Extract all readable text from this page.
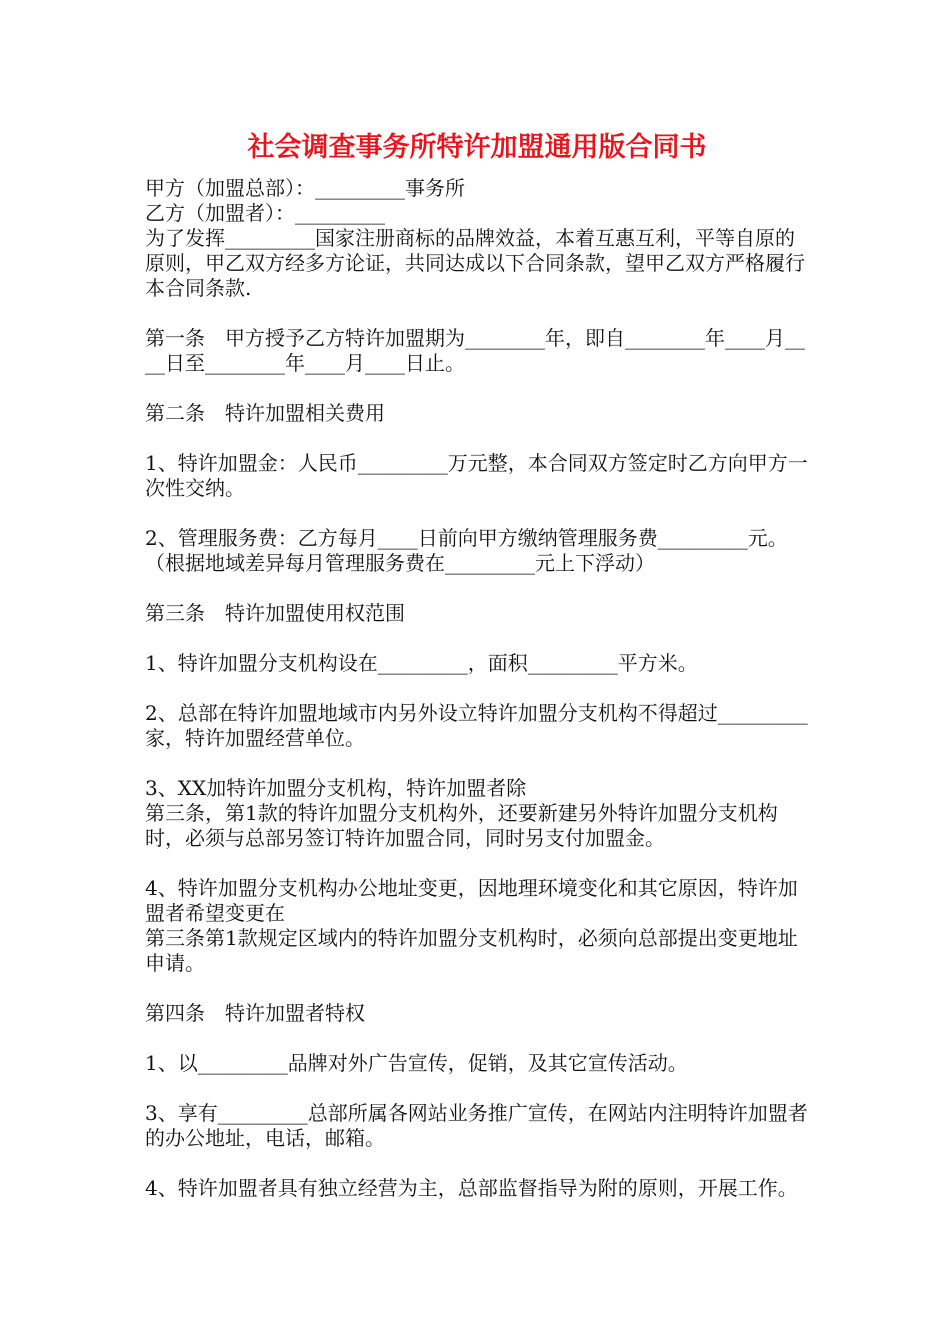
社会调查事务所特许加盟通用版合同书

甲方（加盟总部）：_________事务所

乙方（加盟者）：_________

为了发挥_________国家注册商标的品牌效益，本着互惠互利，平等自原的原则，甲乙双方经多方论证，共同达成以下合同条款，望甲乙双方严格履行本合同条款.

第一条　甲方授予乙方特许加盟期为________年，即自________年____月____日至________年____月____日止。

第二条　特许加盟相关费用

1、特许加盟金：人民币_________万元整，本合同双方签定时乙方向甲方一次性交纳。

2、管理服务费：乙方每月____日前向甲方缴纳管理服务费_________元。（根据地域差异每月管理服务费在_________元上下浮动）

第三条　特许加盟使用权范围

1、特许加盟分支机构设在_________，面积_________平方米。

2、总部在特许加盟地域市内另外设立特许加盟分支机构不得超过_________家，特许加盟经营单位。

3、XX加特许加盟分支机构，特许加盟者除

第三条，第1款的特许加盟分支机构外，还要新建另外特许加盟分支机构时，必须与总部另签订特许加盟合同，同时另支付加盟金。

4、特许加盟分支机构办公地址变更，因地理环境变化和其它原因，特许加盟者希望变更在

第三条第1款规定区域内的特许加盟分支机构时，必须向总部提出变更地址申请。

第四条　特许加盟者特权

1、以_________品牌对外广告宣传，促销，及其它宣传活动。

3、享有_________总部所属各网站业务推广宣传，在网站内注明特许加盟者的办公地址，电话，邮箱。

4、特许加盟者具有独立经营为主，总部监督指导为附的原则，开展工作。
